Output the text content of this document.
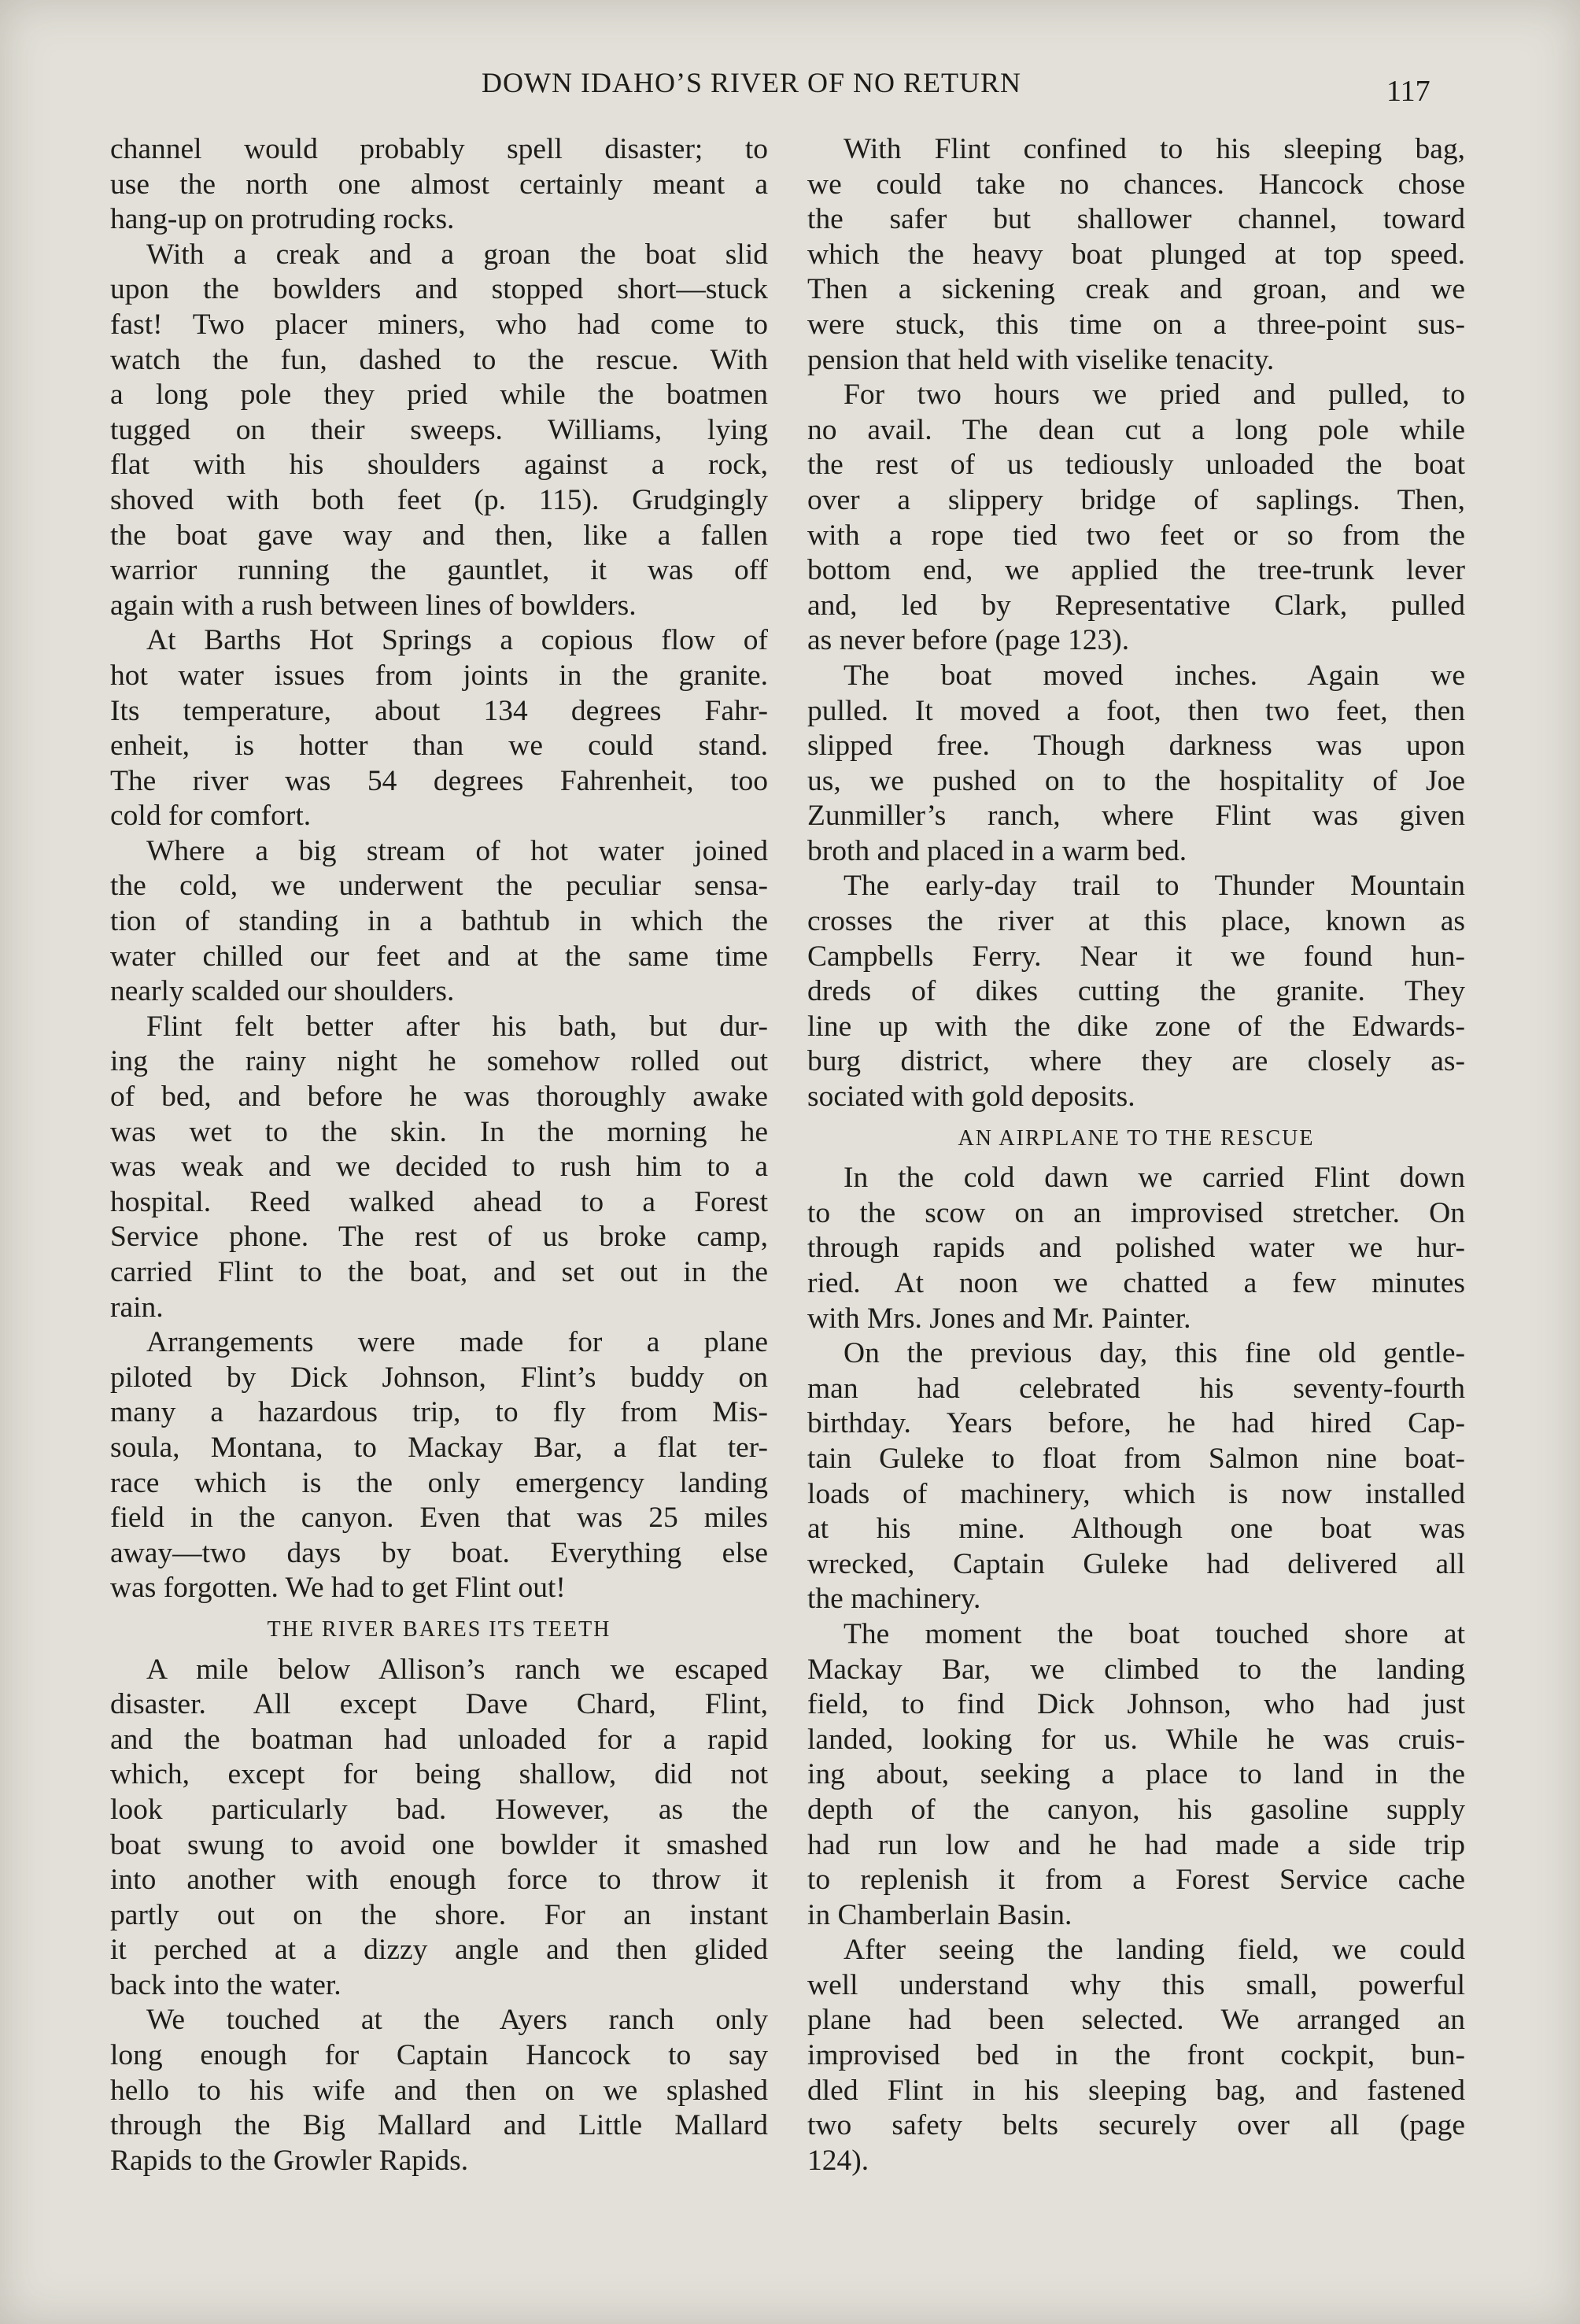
DOWN IDAHO’S RIVER OF NO RETURN	117
channel would probably spell disaster; to
use the north one almost certainly meant a
hang-up on protruding rocks.
With a creak and a groan the boat slid
upon the bowlders and stopped short—stuck
fast! Two placer miners, who had come to
watch the fun, dashed to the rescue. With
a long pole they pried while the boatmen
tugged on their sweeps. Williams, lying
flat with his shoulders against a rock,
shoved with both feet (p. 115). Grudgingly
the boat gave way and then, like a fallen
warrior running the gauntlet, it was off
again with a rush between lines of bowlders.
At Barths Hot Springs a copious flow of
hot water issues from joints in the granite.
Its temperature, about 134 degrees Fahr-
enheit, is hotter than we could stand.
The river was 54 degrees Fahrenheit, too
cold for comfort.
Where a big stream of hot water joined
the cold, we underwent the peculiar sensa-
tion of standing in a bathtub in which the
water chilled our feet and at the same time
nearly scalded our shoulders.
Flint felt better after his bath, but dur-
ing the rainy night he somehow rolled out
of bed, and before he was thoroughly awake
was wet to the skin. In the morning he
was weak and we decided to rush him to a
hospital. Reed walked ahead to a Forest
Service phone. The rest of us broke camp,
carried Flint to the boat, and set out in the
rain.
Arrangements were made for a plane
piloted by Dick Johnson, Flint’s buddy on
many a hazardous trip, to fly from Mis-
soula, Montana, to Mackay Bar, a flat ter-
race which is the only emergency landing
field in the canyon. Even that was 25 miles
away—two days by boat. Everything else
was forgotten. We had to get Flint out!
THE RIVER BARES ITS TEETH
A mile below Allison’s ranch we escaped
disaster. All except Dave Chard, Flint,
and the boatman had unloaded for a rapid
which, except for being shallow, did not
look particularly bad. However, as the
boat swung to avoid one bowlder it smashed
into another with enough force to throw it
partly out on the shore. For an instant
it perched at a dizzy angle and then glided
back into the water.
We touched at the Ayers ranch only
long enough for Captain Hancock to say
hello to his wife and then on we splashed
through the Big Mallard and Little Mallard
Rapids to the Growler Rapids.
With Flint confined to his sleeping bag,
we could take no chances. Hancock chose
the safer but shallower channel, toward
which the heavy boat plunged at top speed.
Then a sickening creak and groan, and we
were stuck, this time on a three-point sus-
pension that held with viselike tenacity.
For two hours we pried and pulled, to
no avail. The dean cut a long pole while
the rest of us tediously unloaded the boat
over a slippery bridge of saplings. Then,
with a rope tied two feet or so from the
bottom end, we applied the tree-trunk lever
and, led by Representative Clark, pulled
as never before (page 123).
The boat moved inches. Again we
pulled. It moved a foot, then two feet, then
slipped free. Though darkness was upon
us, we pushed on to the hospitality of Joe
Zunmiller’s ranch, where Flint was given
broth and placed in a warm bed.
The early-day trail to Thunder Mountain
crosses the river at this place, known as
Campbells Ferry. Near it we found hun-
dreds of dikes cutting the granite. They
line up with the dike zone of the Edwards-
burg district, where they are closely as-
sociated with gold deposits.
AN AIRPLANE TO THE RESCUE
In the cold dawn we carried Flint down
to the scow on an improvised stretcher. On
through rapids and polished water we hur-
ried. At noon we chatted a few minutes
with Mrs. Jones and Mr. Painter.
On the previous day, this fine old gentle-
man had celebrated his seventy-fourth
birthday. Years before, he had hired Cap-
tain Guleke to float from Salmon nine boat-
loads of machinery, which is now installed
at his mine. Although one boat was
wrecked, Captain Guleke had delivered all
the machinery.
The moment the boat touched shore at
Mackay Bar, we climbed to the landing
field, to find Dick Johnson, who had just
landed, looking for us. While he was cruis-
ing about, seeking a place to land in the
depth of the canyon, his gasoline supply
had run low and he had made a side trip
to replenish it from a Forest Service cache
in Chamberlain Basin.
After seeing the landing field, we could
well understand why this small, powerful
plane had been selected. We arranged an
improvised bed in the front cockpit, bun-
dled Flint in his sleeping bag, and fastened
two safety belts securely over all (page
124).
